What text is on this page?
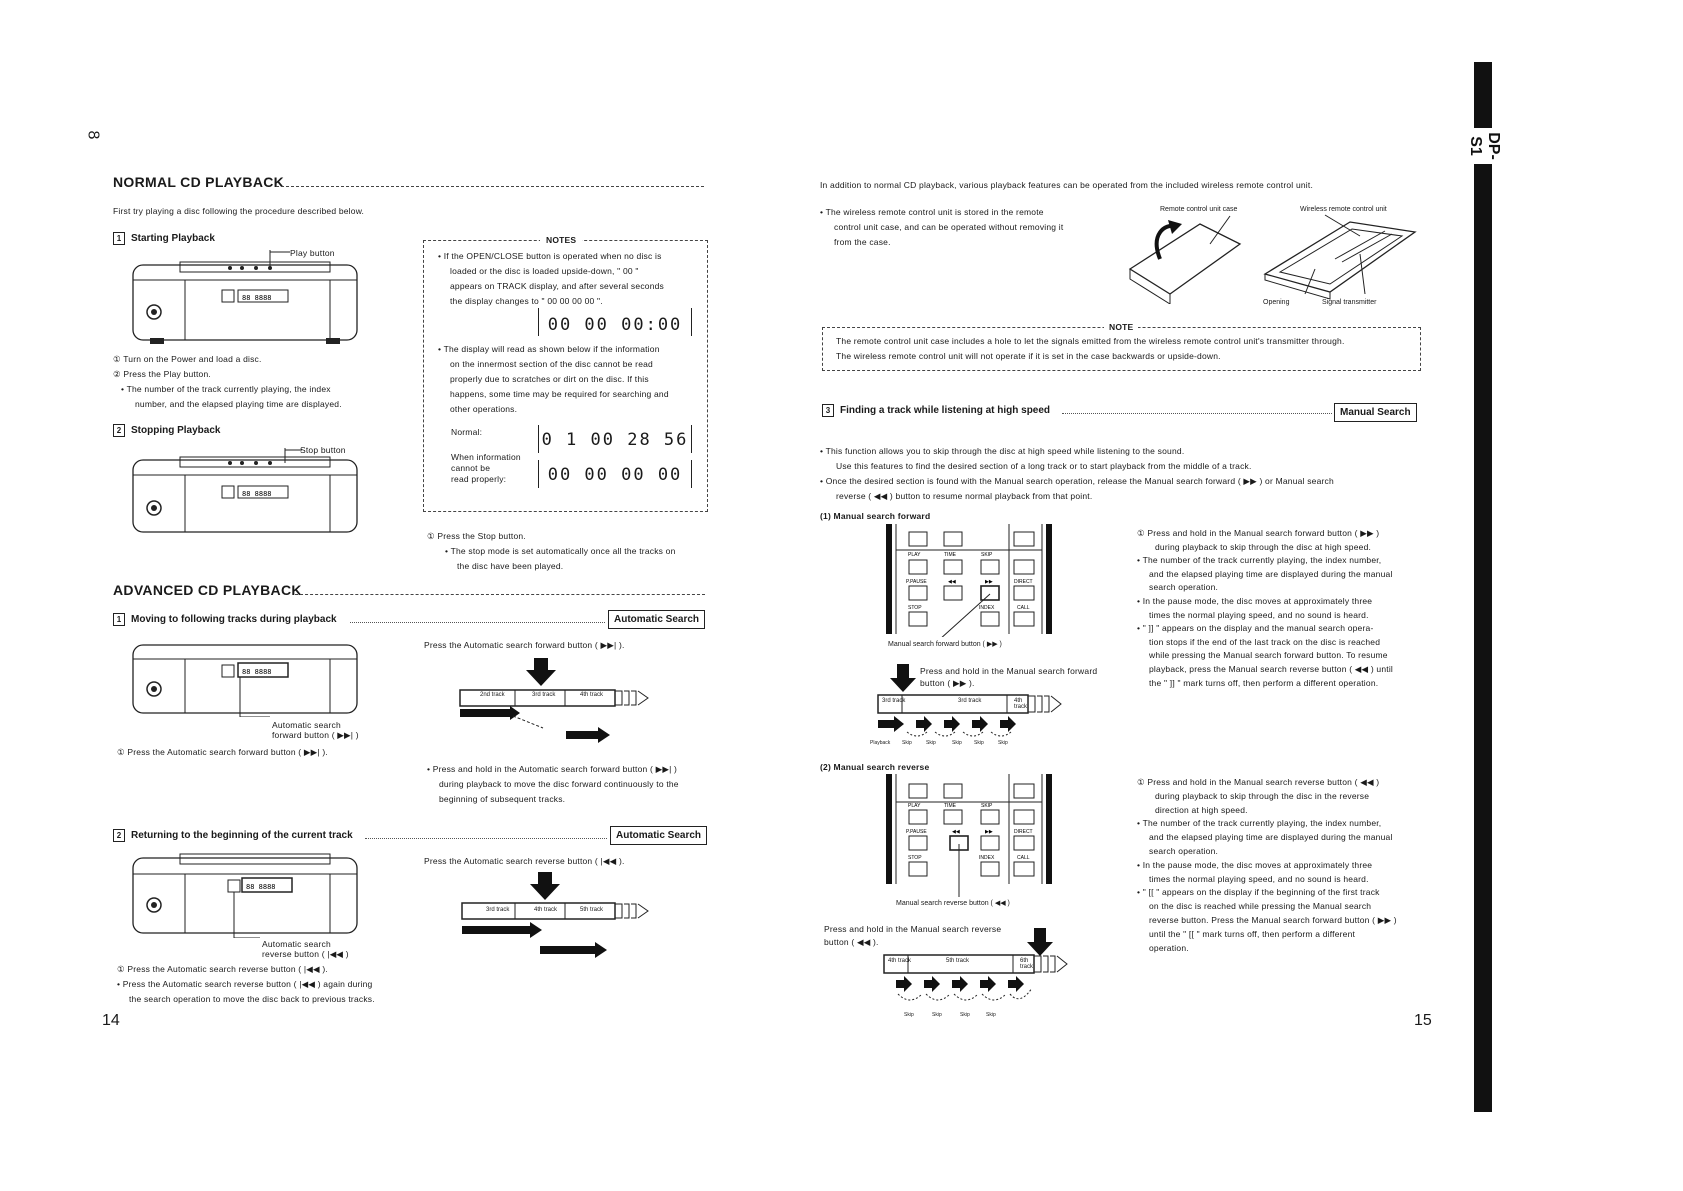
8
NORMAL CD PLAYBACK
First try playing a disc following the procedure described below.
1 Starting Playback
Play button
88 8888
① Turn on the Power and load a disc.
② Press the Play button.
• The number of the track currently playing, the index
number, and the elapsed playing time are displayed.
2 Stopping Playback
Stop button
88 8888
NOTES
• If the OPEN/CLOSE button is operated when no disc is
loaded or the disc is loaded upside-down, " 00 "
appears on TRACK display, and after several seconds
the display changes to " 00 00 00 00 ".
00 00 00:00
• The display will read as shown below if the information
on the innermost section of the disc cannot be read
properly due to scratches or dirt on the disc. If this
happens, some time may be required for searching and
other operations.
Normal:	0 1 00 28 56
When information
cannot be
read properly:	00 00 00 00
① Press the Stop button.
• The stop mode is set automatically once all the tracks on
the disc have been played.
ADVANCED CD PLAYBACK
1 Moving to following tracks during playback	Automatic Search
88 8888
Automatic search
forward button ( ▶▶| )
① Press the Automatic search forward button ( ▶▶| ).
Press the Automatic search forward button ( ▶▶| ).
2nd track	3rd track	4th track
• Press and hold in the Automatic search forward button ( ▶▶| )
during playback to move the disc forward continuously to the
beginning of subsequent tracks.
2 Returning to the beginning of the current track	Automatic Search
88 8888
Automatic search
reverse button ( |◀◀ )
① Press the Automatic search reverse button ( |◀◀ ).
• Press the Automatic search reverse button ( |◀◀ ) again during
the search operation to move the disc back to previous tracks.
Press the Automatic search reverse button ( |◀◀ ).
3rd track	4th track	5th track
14
DP-S1
In addition to normal CD playback, various playback features can be operated from the included wireless remote control unit.
• The wireless remote control unit is stored in the remote
control unit case, and can be operated without removing it
from the case.
Remote control unit case	Wireless remote control unit
Opening	Signal transmitter
NOTE
The remote control unit case includes a hole to let the signals emitted from the wireless remote control unit's transmitter through.
The wireless remote control unit will not operate if it is set in the case backwards or upside-down.
3 Finding a track while listening at high speed	Manual Search
• This function allows you to skip through the disc at high speed while listening to the sound.
Use this features to find the desired section of a long track or to start playback from the middle of a track.
• Once the desired section is found with the Manual search operation, release the Manual search forward ( ▶▶ ) or Manual search
reverse ( ◀◀ ) button to resume normal playback from that point.
(1) Manual search forward
PLAY	TIME	SKIP
P.PAUSE	◀◀	▶▶	DIRECT
STOP	INDEX	CALL
Manual search forward button ( ▶▶ )
Press and hold in the Manual search forward
button ( ▶▶ ).
3rd track	3rd track	4th track
Playback Skip	Skip	Skip Skip	Skip
① Press and hold in the Manual search forward button ( ▶▶ )
during playback to skip through the disc at high speed.
• The number of the track currently playing, the index number,
and the elapsed playing time are displayed during the manual
search operation.
• In the pause mode, the disc moves at approximately three
times the normal playing speed, and no sound is heard.
• " ]] " appears on the display and the manual search opera-
tion stops if the end of the last track on the disc is reached
while pressing the Manual search forward button. To resume
playback, press the Manual search reverse button ( ◀◀ ) until
the " ]] " mark turns off, then perform a different operation.
(2) Manual search reverse
PLAY	TIME	SKIP
P.PAUSE	◀◀	▶▶	DIRECT
STOP	INDEX	CALL
Manual search reverse button ( ◀◀ )
Press and hold in the Manual search reverse
button ( ◀◀ ).
4th track	5th track	6th track
Skip	Skip	Skip	Skip
① Press and hold in the Manual search reverse button ( ◀◀ )
during playback to skip through the disc in the reverse
direction at high speed.
• The number of the track currently playing, the index number,
and the elapsed playing time are displayed during the manual
search operation.
• In the pause mode, the disc moves at approximately three
times the normal playing speed, and no sound is heard.
• " [[ " appears on the display if the beginning of the first track
on the disc is reached while pressing the Manual search
reverse button. Press the Manual search forward button ( ▶▶ )
until the " [[ " mark turns off, then perform a different
operation.
15
